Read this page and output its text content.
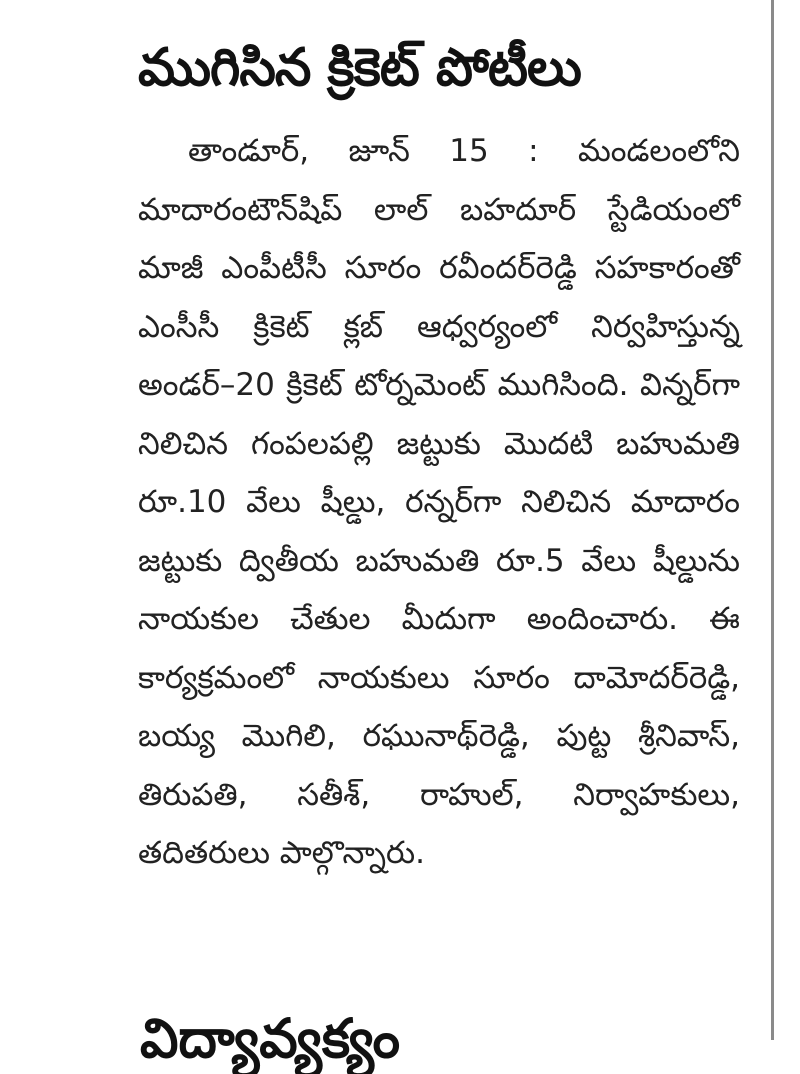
ముగిసిన క్రికెట్ పోటీలు

తాండూర్, జూన్ 15 : మండలంలోని మాదారంటౌన్‌షిప్ లాల్ బహదూర్ స్టేడియంలో మాజీ ఎంపీటీసీ సూరం రవీందర్‌రెడ్డి సహకారంతో ఎంసీసీ క్రికెట్ క్లబ్ ఆధ్వర్యంలో నిర్వహిస్తున్న అండర్–20 క్రికెట్ టోర్నమెంట్ ముగిసింది. విన్నర్‌గా నిలిచిన గంపలపల్లి జట్టుకు మొదటి బహుమతి రూ.10 వేలు షీల్డు, రన్నర్‌గా నిలిచిన మాదారం జట్టుకు ద్వితీయ బహుమతి రూ.5 వేలు షీల్డును నాయకుల చేతుల మీదుగా అందించారు. ఈ కార్యక్రమంలో నాయకులు సూరం దామోదర్‌రెడ్డి, బయ్య మొగిలి, రఘునాథ్‌రెడ్డి, పుట్ట శ్రీనివాస్, తిరుపతి, సతీశ్, రాహుల్, నిర్వాహకులు, తదితరులు పాల్గొన్నారు.

విద్యావ్యక్యం
